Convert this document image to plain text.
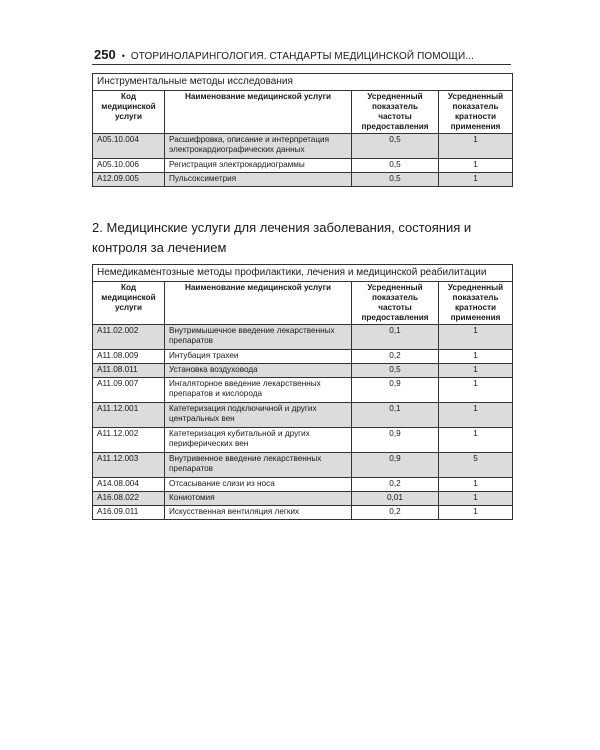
250 • ОТОРИНОЛАРИНГОЛОГИЯ. СТАНДАРТЫ МЕДИЦИНСКОЙ ПОМОЩИ...
Инструментальные методы исследования			
Код медицинской услуги	Наименование медицинской услуги	Усредненный показатель частоты предоставления	Усредненный показатель кратности применения
A05.10.004	Расшифровка, описание и интерпретация электрокардиографических данных	0,5	1
A05.10.006	Регистрация электрокардиограммы	0,5	1
A12.09.005	Пульсоксиметрия	0,5	1
2. Медицинские услуги для лечения заболевания, состояния и контроля за лечением
Немедикаментозные методы профилактики, лечения и медицинской реабилитации			
Код медицинской услуги	Наименование медицинской услуги	Усредненный показатель частоты предоставления	Усредненный показатель кратности применения
A11.02.002	Внутримышечное введение лекарственных препаратов	0,1	1
A11.08.009	Интубация трахеи	0,2	1
A11.08.011	Установка воздуховода	0,5	1
A11.09.007	Ингаляторное введение лекарственных препаратов и кислорода	0,9	1
A11.12.001	Катетеризация подключичной и других центральных вен	0,1	1
A11.12.002	Катетеризация кубитальной и других периферических вен	0,9	1
A11.12.003	Внутривенное введение лекарственных препаратов	0,9	5
A14.08.004	Отсасывание слизи из носа	0,2	1
A16.08.022	Кониотомия	0,01	1
A16.09.011	Искусственная вентиляция легких	0,2	1
